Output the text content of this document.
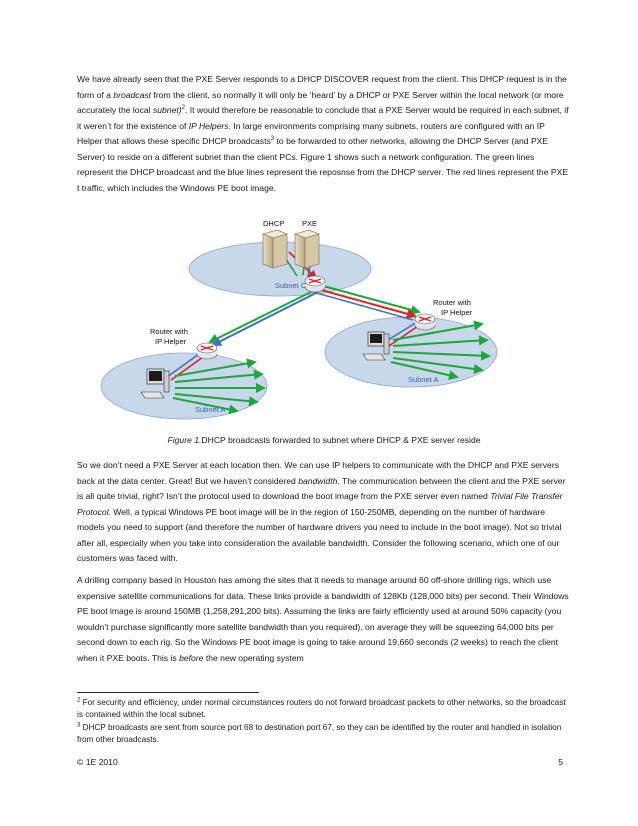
We have already seen that the PXE Server responds to a DHCP DISCOVER request from the client. This DHCP request is in the form of a broadcast from the client, so normally it will only be ‘heard’ by a DHCP or PXE Server within the local network (or more accurately the local subnet)$^2$. It would therefore be reasonable to conclude that a PXE Server would be required in each subnet, if it weren’t for the existence of IP Helpers. In large environments comprising many subnets, routers are configured with an IP Helper that allows these specific DHCP broadcasts$^3$ to be forwarded to other networks, allowing the DHCP Server (and PXE Server) to reside on a different subnet than the client PCs. Figure 1 shows such a network configuration. The green lines represent the DHCP broadcast and the blue lines represent the reposnse from the DHCP server. The red lines represent the PXE t traffic, which includes the Windows PE boot image.

DHCP PXE
Subnet C
Router with
IP Helper
Router with
IP Helper
Subnet A
Subnet A
Figure 1.DHCP broadcasts forwarded to subnet where DHCP & PXE server reside

So we don’t need a PXE Server at each location then. We can use IP helpers to communicate with the DHCP and PXE servers back at the data center. Great! But we haven’t considered bandwidth. The communication between the client and the PXE server is all quite trivial, right? Isn’t the protocol used to download the boot image from the PXE server even named Trivial File Transfer Protocol. Well, a typical Windows PE boot image will be in the region of 150-250MB, depending on the number of hardware models you need to support (and therefore the number of hardware drivers you need to include in the boot image). Not so trivial after all, especially when you take into consideration the available bandwidth. Consider the following scenario, which one of our customers was faced with.

A drilling company based in Houston has among the sites that it needs to manage around 60 off-shore drilling rigs, which use expensive satellite communications for data. These links provide a bandwidth of 128Kb (128,000 bits) per second. Their Windows PE boot image is around 150MB (1,258,291,200 bits). Assuming the links are fairly efficiently used at around 50% capacity (you wouldn’t purchase significantly more satellite bandwidth than you required), on average they will be squeezing 64,000 bits per second down to each rig. So the Windows PE boot image is going to take around 19,660 seconds (2 weeks) to reach the client when it PXE boots. This is before the new operating system

$^2$ For security and efficiency, under normal circumstances routers do not forward broadcast packets to other networks, so the broadcast is contained within the local subnet.
$^3$ DHCP broadcasts are sent from source port 68 to destination port 67, so they can be identified by the router and handled in isolation from other broadcasts.
© 1E 2010	5
